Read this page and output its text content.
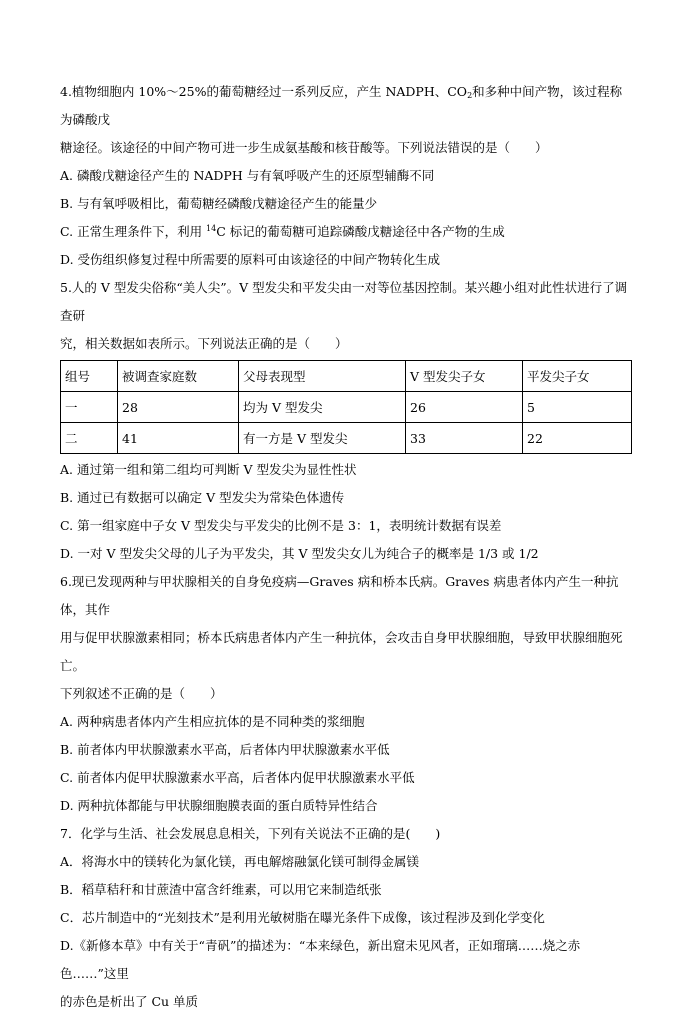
4.植物细胞内 10%～25%的葡萄糖经过一系列反应，产生 NADPH、$CO_2$和多种中间产物，该过程称为磷酸戊

糖途径。该途径的中间产物可进一步生成氨基酸和核苷酸等。下列说法错误的是（　　）

A. 磷酸戊糖途径产生的 NADPH 与有氧呼吸产生的还原型辅酶不同

B. 与有氧呼吸相比，葡萄糖经磷酸戊糖途径产生的能量少

C. 正常生理条件下，利用 $^{14}$C 标记的葡萄糖可追踪磷酸戊糖途径中各产物的生成

D. 受伤组织修复过程中所需要的原料可由该途径的中间产物转化生成

5.人的 V 型发尖俗称“美人尖”。V 型发尖和平发尖由一对等位基因控制。某兴趣小组对此性状进行了调查研

究，相关数据如表所示。下列说法正确的是（　　）

组号	被调查家庭数	父母表现型	V 型发尖子女	平发尖子女
一	28	均为 V 型发尖	26	5
二	41	有一方是 V 型发尖	33	22

A. 通过第一组和第二组均可判断 V 型发尖为显性性状

B. 通过已有数据可以确定 V 型发尖为常染色体遗传

C. 第一组家庭中子女 V 型发尖与平发尖的比例不是 3：1，表明统计数据有误差

D. 一对 V 型发尖父母的儿子为平发尖，其 V 型发尖女儿为纯合子的概率是 1/3 或 1/2

6.现已发现两种与甲状腺相关的自身免疫病—Graves 病和桥本氏病。Graves 病患者体内产生一种抗体，其作

用与促甲状腺激素相同；桥本氏病患者体内产生一种抗体，会攻击自身甲状腺细胞，导致甲状腺细胞死亡。

下列叙述不正确的是（　　）

A. 两种病患者体内产生相应抗体的是不同种类的浆细胞

B. 前者体内甲状腺激素水平高，后者体内甲状腺激素水平低

C. 前者体内促甲状腺激素水平高，后者体内促甲状腺激素水平低

D. 两种抗体都能与甲状腺细胞膜表面的蛋白质特异性结合

7．化学与生活、社会发展息息相关，下列有关说法不正确的是(　　)

A．将海水中的镁转化为氯化镁，再电解熔融氯化镁可制得金属镁

B．稻草秸秆和甘蔗渣中富含纤维素，可以用它来制造纸张

C．芯片制造中的“光刻技术”是利用光敏树脂在曝光条件下成像，该过程涉及到化学变化

D.《新修本草》中有关于“青矾”的描述为：“本来绿色，新出窟未见风者，正如瑠璃……烧之赤色……”这里

的赤色是析出了 Cu 单质
